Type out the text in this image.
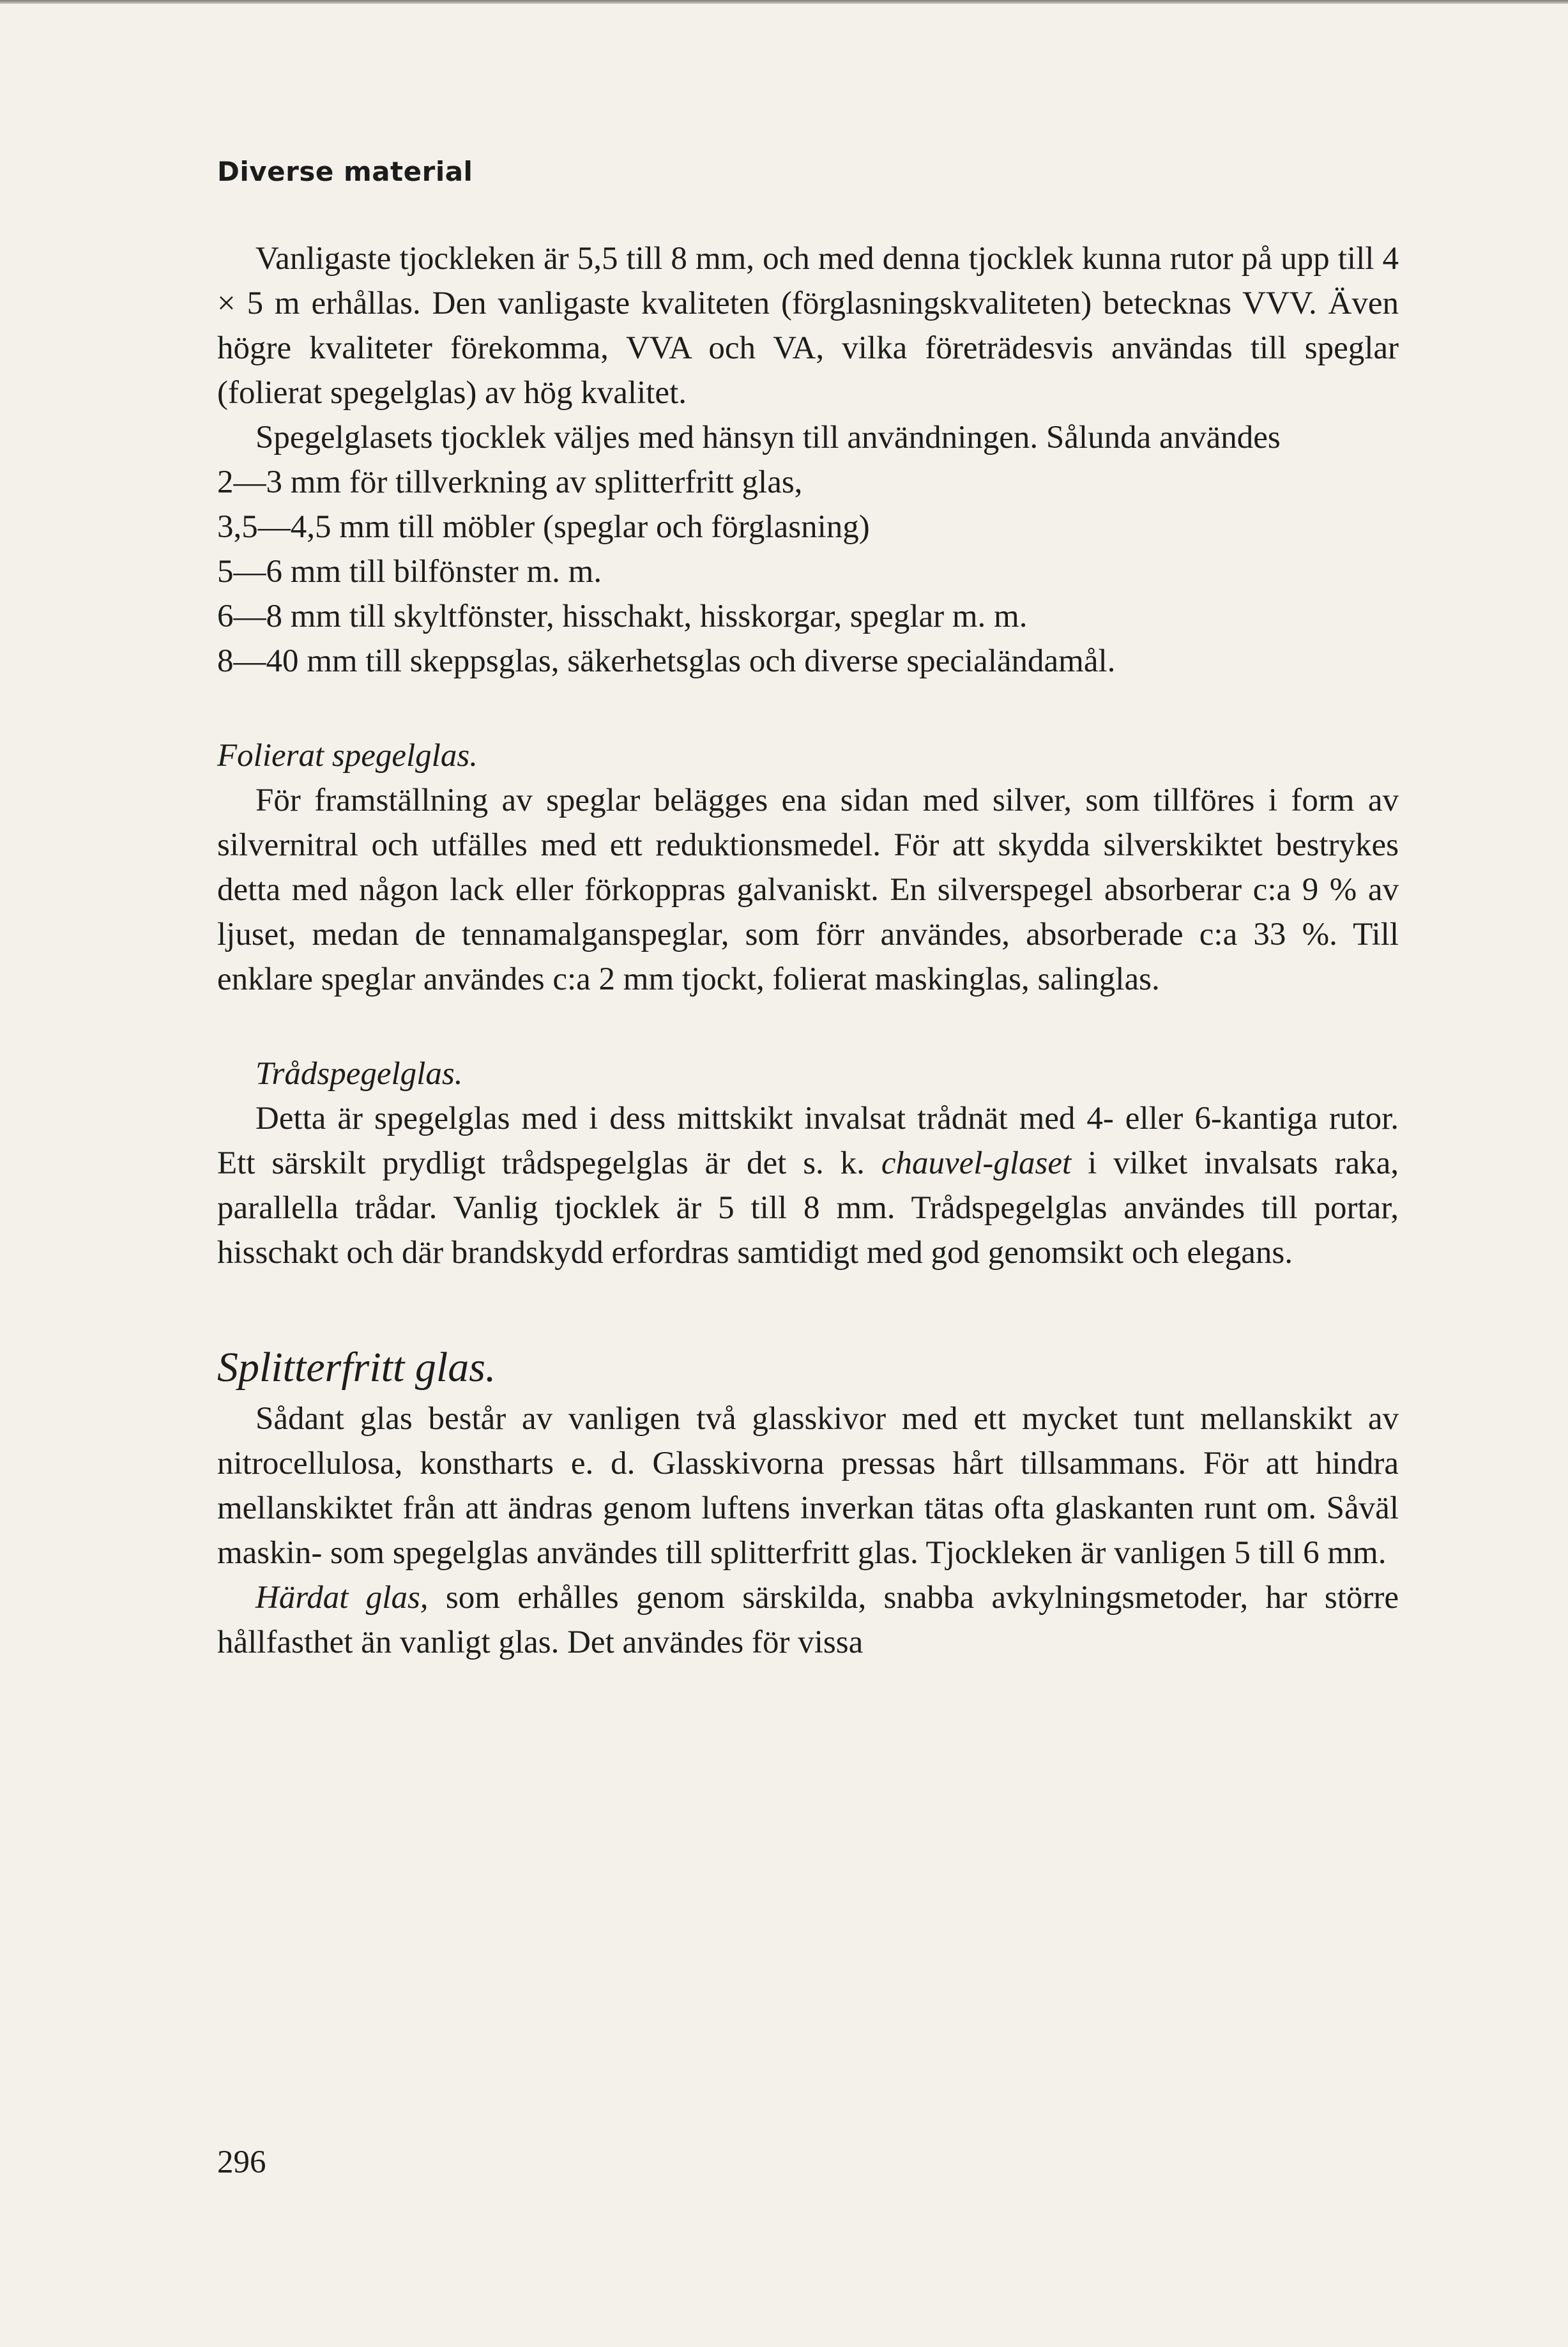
Diverse material

Vanligaste tjockleken är 5,5 till 8 mm, och med denna tjocklek kunna rutor på upp till 4 × 5 m erhållas. Den vanligaste kvaliteten (förglasningskvaliteten) betecknas VVV. Även högre kvaliteter förekomma, VVA och VA, vilka företrädesvis användas till speglar (folierat spegelglas) av hög kvalitet.

Spegelglasets tjocklek väljes med hänsyn till användningen. Sålunda användes

2—3 mm för tillverkning av splitterfritt glas,

3,5—4,5 mm till möbler (speglar och förglasning)

5—6 mm till bilfönster m. m.

6—8 mm till skyltfönster, hisschakt, hisskorgar, speglar m. m.

8—40 mm till skeppsglas, säkerhetsglas och diverse specialändamål.

Folierat spegelglas.

För framställning av speglar belägges ena sidan med silver, som tillföres i form av silvernitral och utfälles med ett reduktionsmedel. För att skydda silverskiktet bestrykes detta med någon lack eller förkoppras galvaniskt. En silverspegel absorberar c:a 9 % av ljuset, medan de tennamalganspeglar, som förr användes, absorberade c:a 33 %. Till enklare speglar användes c:a 2 mm tjockt, folierat maskinglas, salinglas.

Trådspegelglas.

Detta är spegelglas med i dess mittskikt invalsat trådnät med 4- eller 6-kantiga rutor. Ett särskilt prydligt trådspegelglas är det s. k. chauvel-glaset i vilket invalsats raka, parallella trådar. Vanlig tjocklek är 5 till 8 mm. Trådspegelglas användes till portar, hisschakt och där brandskydd erfordras samtidigt med god genomsikt och elegans.

Splitterfritt glas.

Sådant glas består av vanligen två glasskivor med ett mycket tunt mellanskikt av nitrocellulosa, konstharts e. d. Glasskivorna pressas hårt tillsammans. För att hindra mellanskiktet från att ändras genom luftens inverkan tätas ofta glaskanten runt om. Såväl maskin- som spegelglas användes till splitterfritt glas. Tjockleken är vanligen 5 till 6 mm.

Härdat glas, som erhålles genom särskilda, snabba avkylningsmetoder, har större hållfasthet än vanligt glas. Det användes för vissa

296
